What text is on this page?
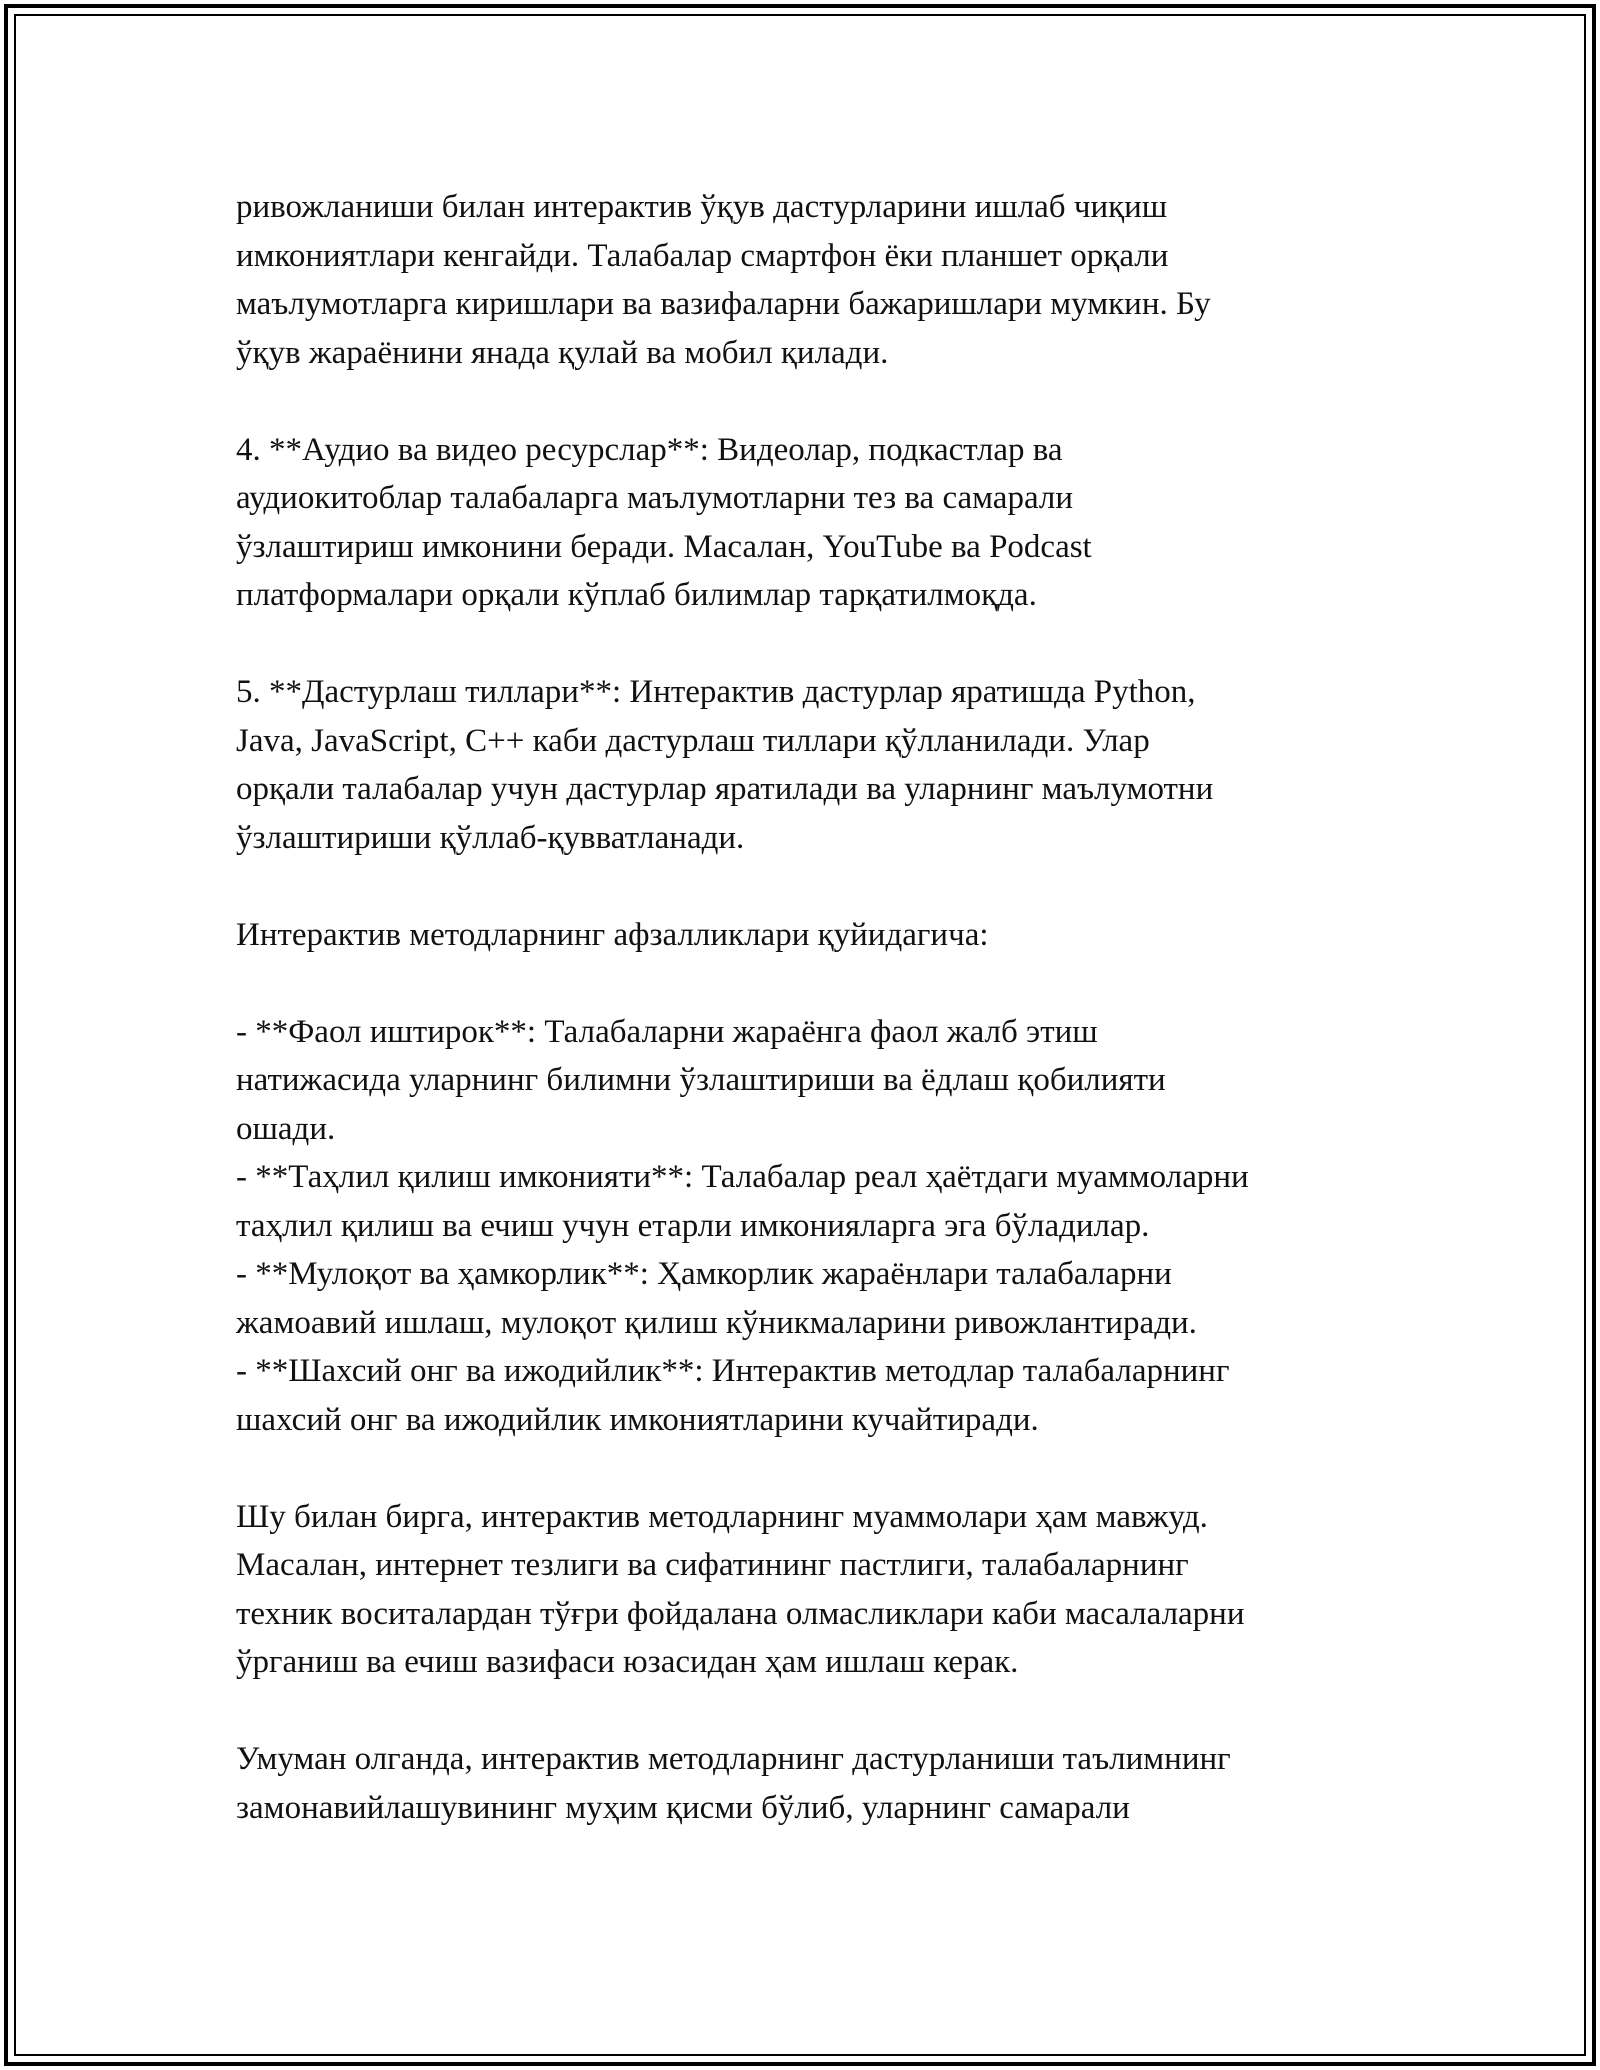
ривожланиши билан интерактив ўқув дастурларини ишлаб чиқиш
имкониятлари кенгайди. Талабалар смартфон ёки планшет орқали
маълумотларга киришлари ва вазифаларни бажаришлари мумкин. Бу
ўқув жараёнини янада қулай ва мобил қилади.
4. **Аудио ва видео ресурслар**: Видеолар, подкастлар ва
аудиокитоблар талабаларга маълумотларни тез ва самарали
ўзлаштириш имконини беради. Масалан, YouTube ва Podcast
платформалари орқали кўплаб билимлар тарқатилмоқда.
5. **Дастурлаш тиллари**: Интерактив дастурлар яратишда Python,
Java, JavaScript, C++ каби дастурлаш тиллари қўлланилади. Улар
орқали талабалар учун дастурлар яратилади ва уларнинг маълумотни
ўзлаштириши қўллаб-қувватланади.
Интерактив методларнинг афзалликлари қуйидагича:
- **Фаол иштирок**: Талабаларни жараёнга фаол жалб этиш
натижасида уларнинг билимни ўзлаштириши ва ёдлаш қобилияти
ошади.
- **Таҳлил қилиш имконияти**: Талабалар реал ҳаётдаги муаммоларни
таҳлил қилиш ва ечиш учун етарли имконияларга эга бўладилар.
- **Мулоқот ва ҳамкорлик**: Ҳамкорлик жараёнлари талабаларни
жамоавий ишлаш, мулоқот қилиш кўникмаларини ривожлантиради.
- **Шахсий онг ва ижодийлик**: Интерактив методлар талабаларнинг
шахсий онг ва ижодийлик имкониятларини кучайтиради.
Шу билан бирга, интерактив методларнинг муаммолари ҳам мавжуд.
Масалан, интернет тезлиги ва сифатининг пастлиги, талабаларнинг
техник воситалардан тўғри фойдалана олмасликлари каби масалаларни
ўрганиш ва ечиш вазифаси юзасидан ҳам ишлаш керак.
Умуман олганда, интерактив методларнинг дастурланиши таълимнинг
замонавийлашувининг муҳим қисми бўлиб, уларнинг самарали
